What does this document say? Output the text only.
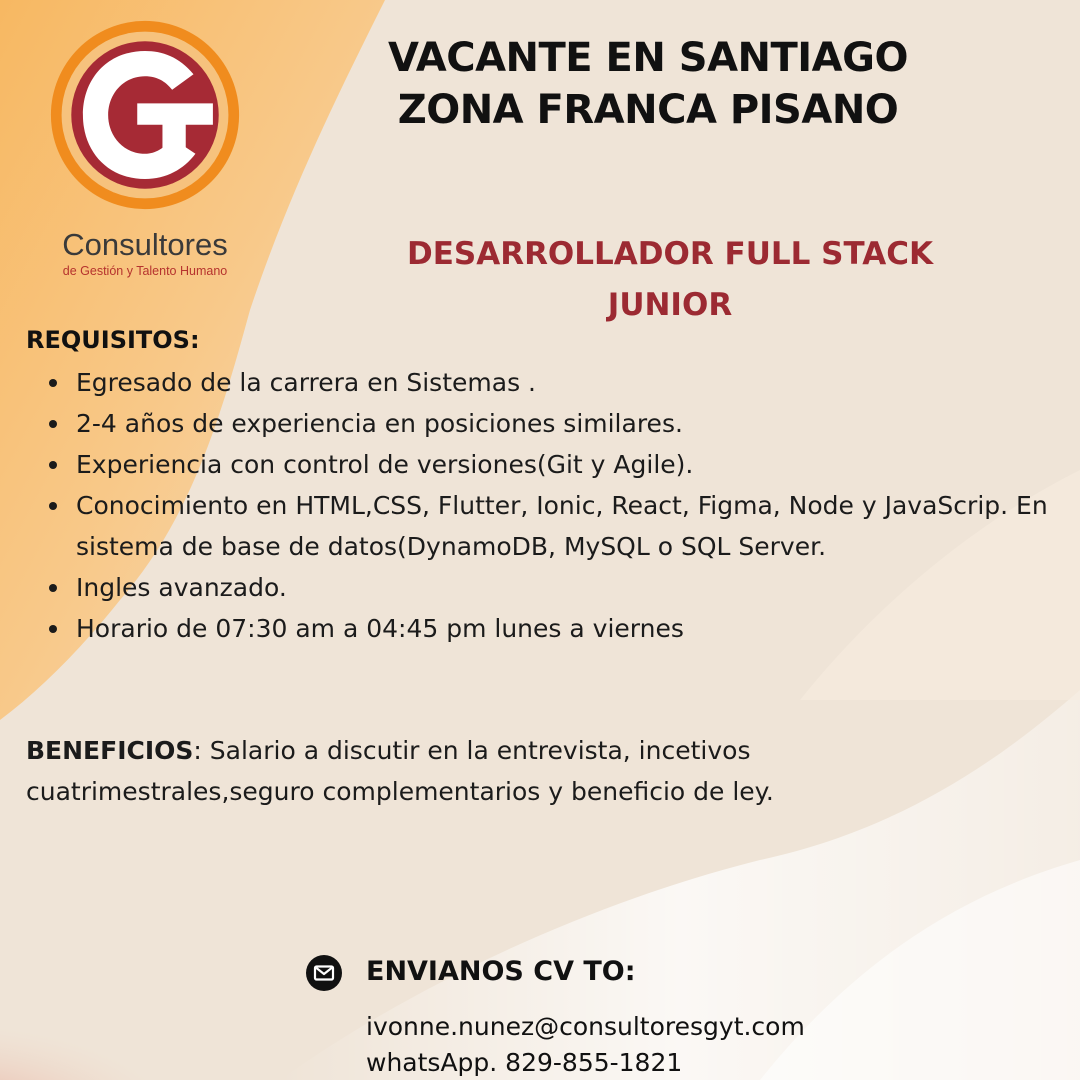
Consultores
de Gestión y Talento Humano
VACANTE EN SANTIAGO
ZONA FRANCA PISANO
DESARROLLADOR FULL STACK
JUNIOR
REQUISITOS:
Egresado de la carrera en Sistemas .
2-4 años de experiencia en posiciones similares.
Experiencia con control de versiones(Git y Agile).
Conocimiento en HTML,CSS, Flutter, Ionic, React, Figma, Node y JavaScrip. En sistema de base de datos(DynamoDB, MySQL o SQL Server.
Ingles avanzado.
Horario de 07:30 am a 04:45 pm lunes a viernes
BENEFICIOS: Salario a discutir en la entrevista, incetivos cuatrimestrales,seguro complementarios y beneficio de ley.
ENVIANOS CV TO:
ivonne.nunez@consultoresgyt.com
whatsApp. 829-855-1821
